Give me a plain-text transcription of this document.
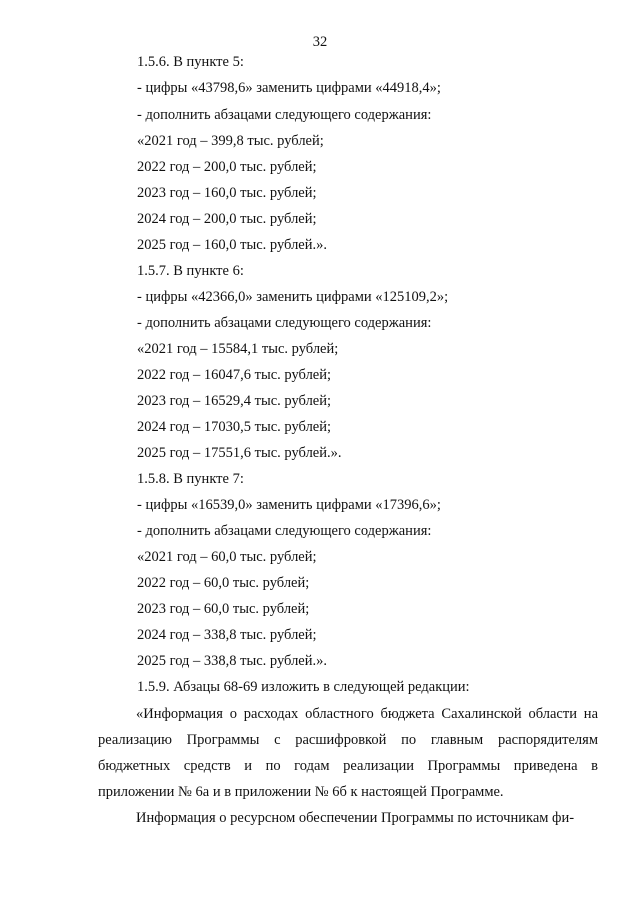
32
1.5.6. В пункте 5:
- цифры «43798,6» заменить цифрами «44918,4»;
- дополнить абзацами следующего содержания:
«2021 год – 399,8 тыс. рублей;
2022 год – 200,0 тыс. рублей;
2023 год – 160,0 тыс. рублей;
2024 год – 200,0 тыс. рублей;
2025 год – 160,0 тыс. рублей.».
1.5.7. В пункте 6:
- цифры «42366,0» заменить цифрами «125109,2»;
- дополнить абзацами следующего содержания:
«2021 год – 15584,1 тыс. рублей;
2022 год – 16047,6 тыс. рублей;
2023 год – 16529,4 тыс. рублей;
2024 год – 17030,5 тыс. рублей;
2025 год – 17551,6 тыс. рублей.».
1.5.8. В пункте 7:
- цифры «16539,0» заменить цифрами «17396,6»;
- дополнить абзацами следующего содержания:
«2021 год – 60,0 тыс. рублей;
2022 год – 60,0 тыс. рублей;
2023 год – 60,0 тыс. рублей;
2024 год – 338,8 тыс. рублей;
2025 год – 338,8 тыс. рублей.».
1.5.9. Абзацы 68-69 изложить в следующей редакции:
«Информация о расходах областного бюджета Сахалинской области на реализацию Программы с расшифровкой по главным распорядителям бюджетных средств и по годам реализации Программы приведена в приложении № 6а и в приложении № 6б к настоящей Программе.
Информация о ресурсном обеспечении Программы по источникам фи-
